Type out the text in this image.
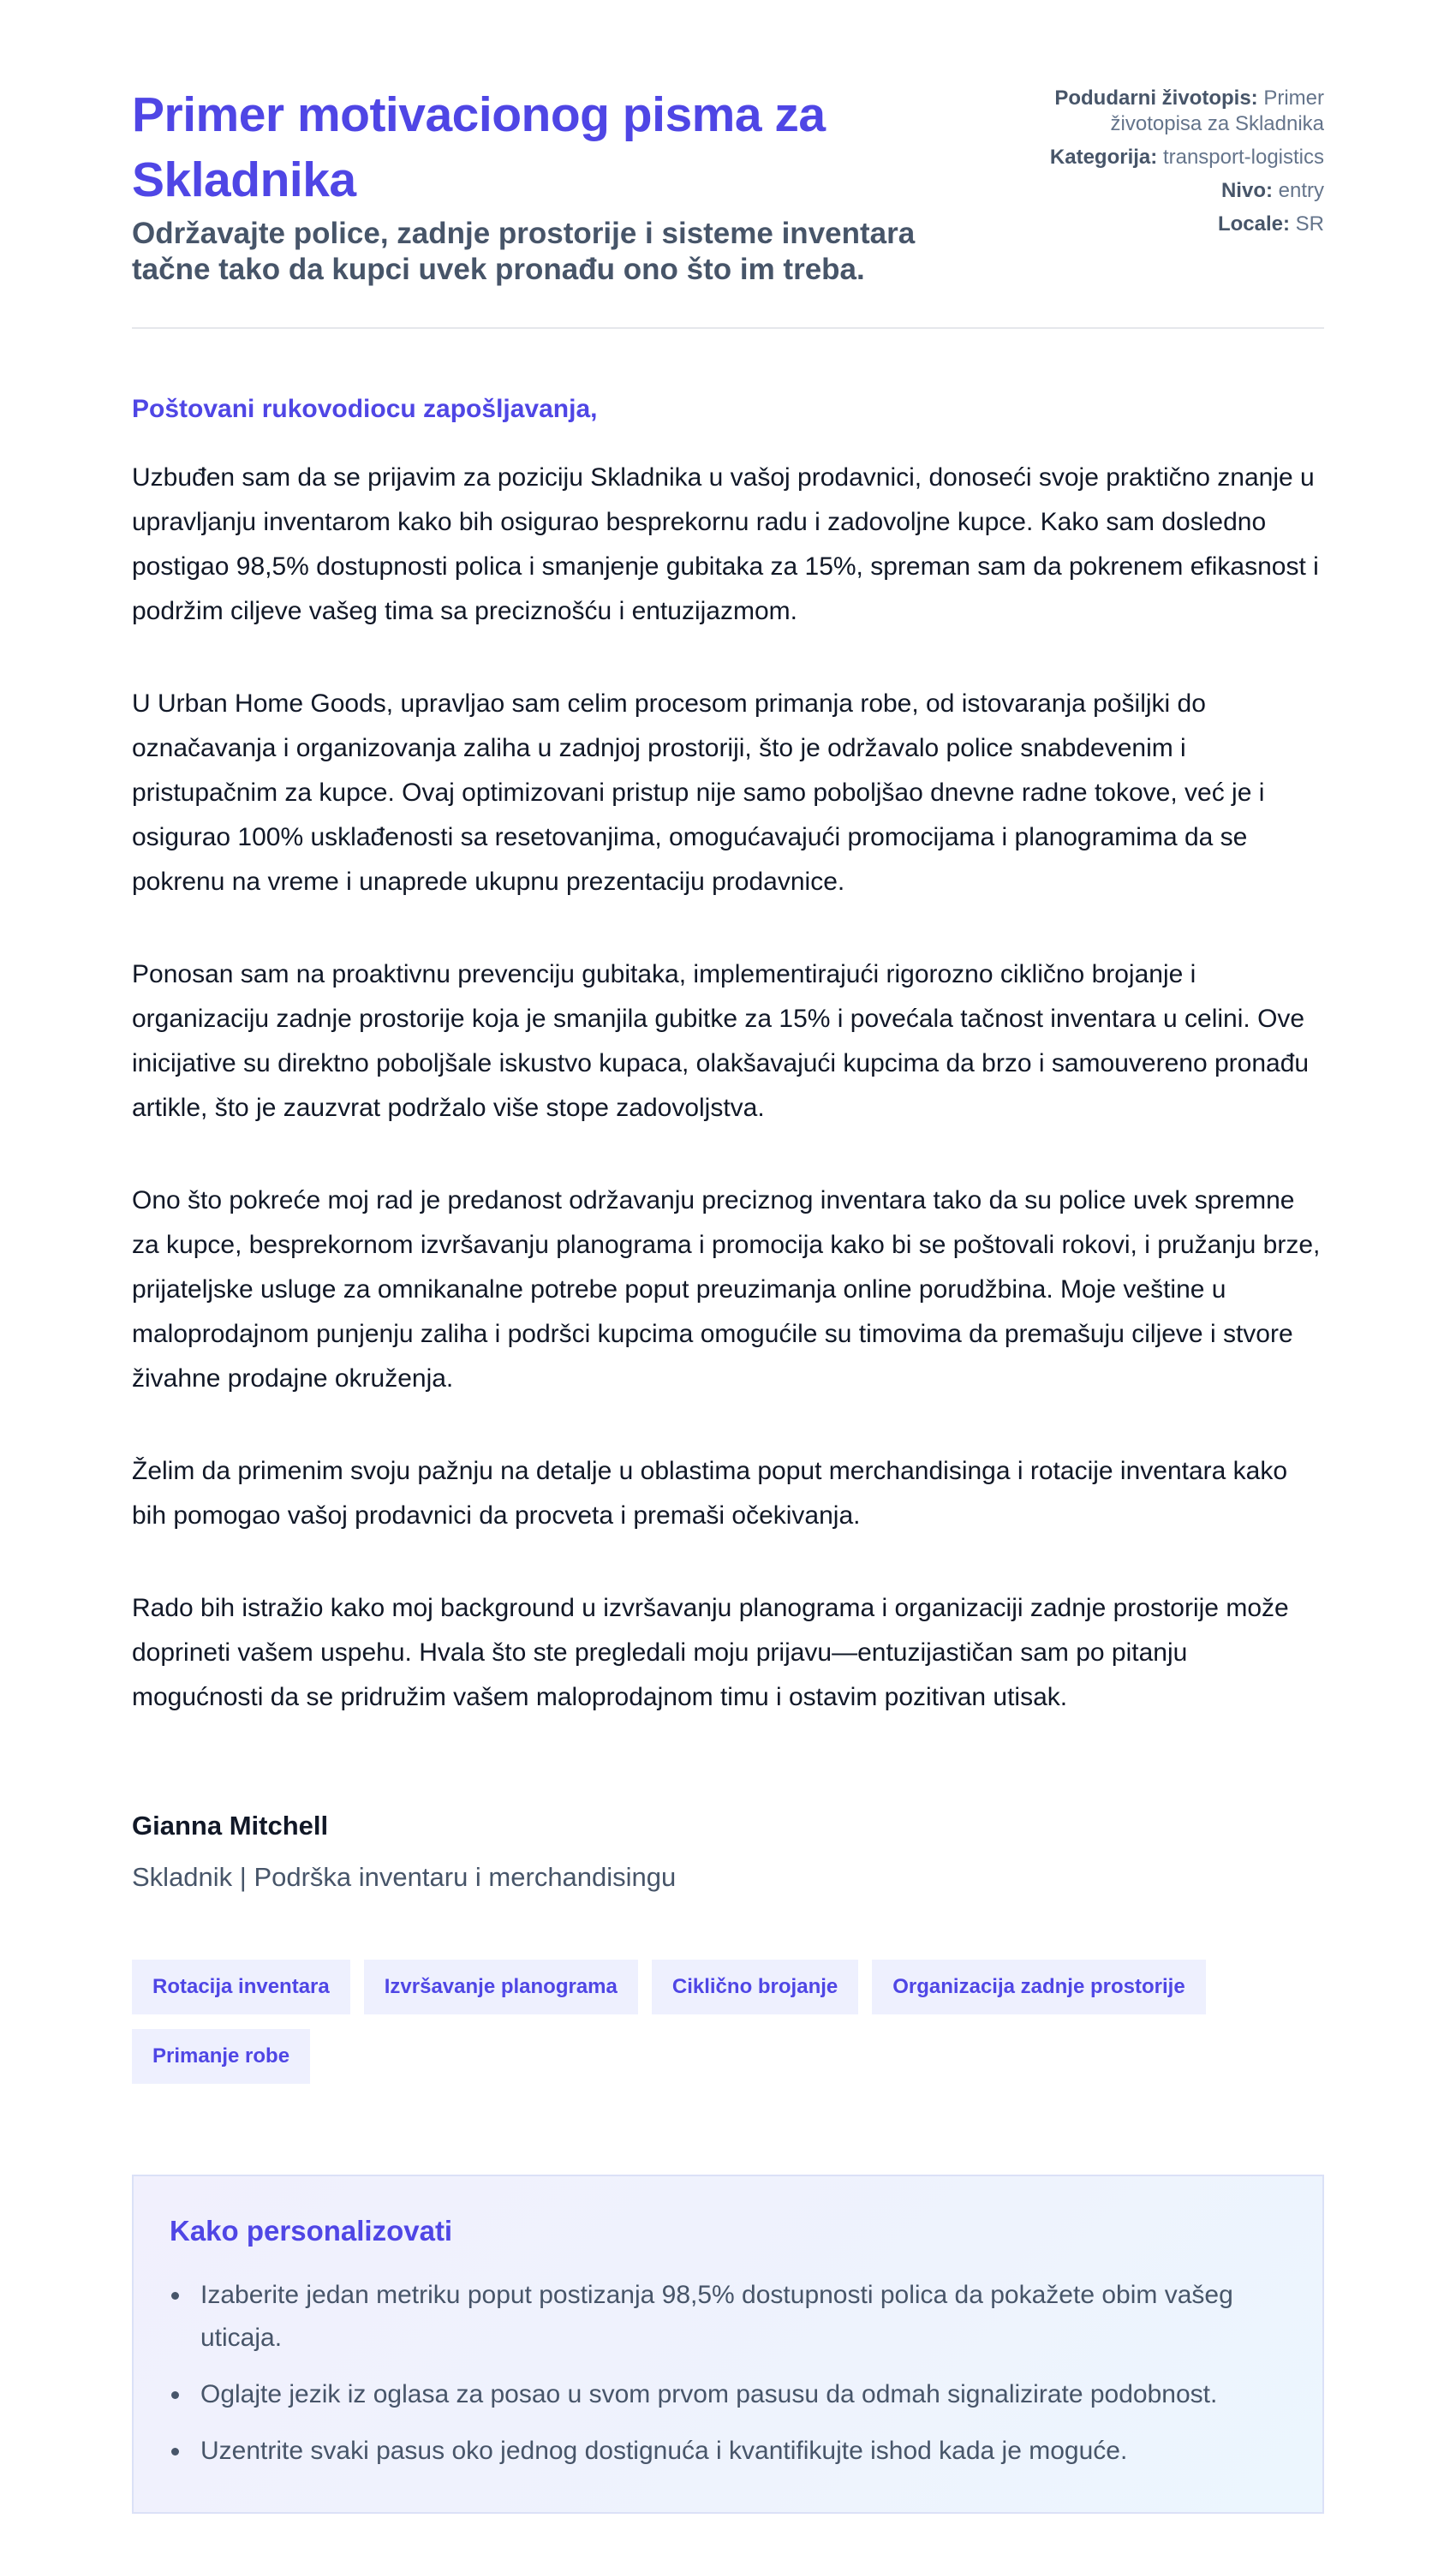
Primer motivacionog pisma za Skladnika

Održavajte police, zadnje prostorije i sisteme inventara tačne tako da kupci uvek pronađu ono što im treba.

Podudarni životopis: Primer životopisa za Skladnika
Kategorija: transport-logistics
Nivo: entry
Locale: SR

Poštovani rukovodiocu zapošljavanja,

Uzbuđen sam da se prijavim za poziciju Skladnika u vašoj prodavnici, donoseći svoje praktično znanje u upravljanju inventarom kako bih osigurao besprekornu radu i zadovoljne kupce. Kako sam dosledno postigao 98,5% dostupnosti polica i smanjenje gubitaka za 15%, spreman sam da pokrenem efikasnost i podržim ciljeve vašeg tima sa preciznošću i entuzijazmom.

U Urban Home Goods, upravljao sam celim procesom primanja robe, od istovaranja pošiljki do označavanja i organizovanja zaliha u zadnjoj prostoriji, što je održavalo police snabdevenim i pristupačnim za kupce. Ovaj optimizovani pristup nije samo poboljšao dnevne radne tokove, već je i osigurao 100% usklađenosti sa resetovanjima, omogućavajući promocijama i planogramima da se pokrenu na vreme i unaprede ukupnu prezentaciju prodavnice.

Ponosan sam na proaktivnu prevenciju gubitaka, implementirajući rigorozno ciklično brojanje i organizaciju zadnje prostorije koja je smanjila gubitke za 15% i povećala tačnost inventara u celini. Ove inicijative su direktno poboljšale iskustvo kupaca, olakšavajući kupcima da brzo i samouvereno pronađu artikle, što je zauzvrat podržalo više stope zadovoljstva.

Ono što pokreće moj rad je predanost održavanju preciznog inventara tako da su police uvek spremne za kupce, besprekornom izvršavanju planograma i promocija kako bi se poštovali rokovi, i pružanju brze, prijateljske usluge za omnikanalne potrebe poput preuzimanja online porudžbina. Moje veštine u maloprodajnom punjenju zaliha i podršci kupcima omogućile su timovima da premašuju ciljeve i stvore živahne prodajne okruženja.

Želim da primenim svoju pažnju na detalje u oblastima poput merchandisinga i rotacije inventara kako bih pomogao vašoj prodavnici da procveta i premaši očekivanja.

Rado bih istražio kako moj background u izvršavanju planograma i organizaciji zadnje prostorije može doprineti vašem uspehu. Hvala što ste pregledali moju prijavu—entuzijastičan sam po pitanju mogućnosti da se pridružim vašem maloprodajnom timu i ostavim pozitivan utisak.

Gianna Mitchell
Skladnik | Podrška inventaru i merchandisingu
Rotacija inventara	Izvršavanje planograma	Ciklično brojanje	Organizacija zadnje prostorije
Primanje robe
Kako personalizovati
Izaberite jedan metriku poput postizanja 98,5% dostupnosti polica da pokažete obim vašeg uticaja.
Oglajte jezik iz oglasa za posao u svom prvom pasusu da odmah signalizirate podobnost.
Uzentrite svaki pasus oko jednog dostignuća i kvantifikujte ishod kada je moguće.
